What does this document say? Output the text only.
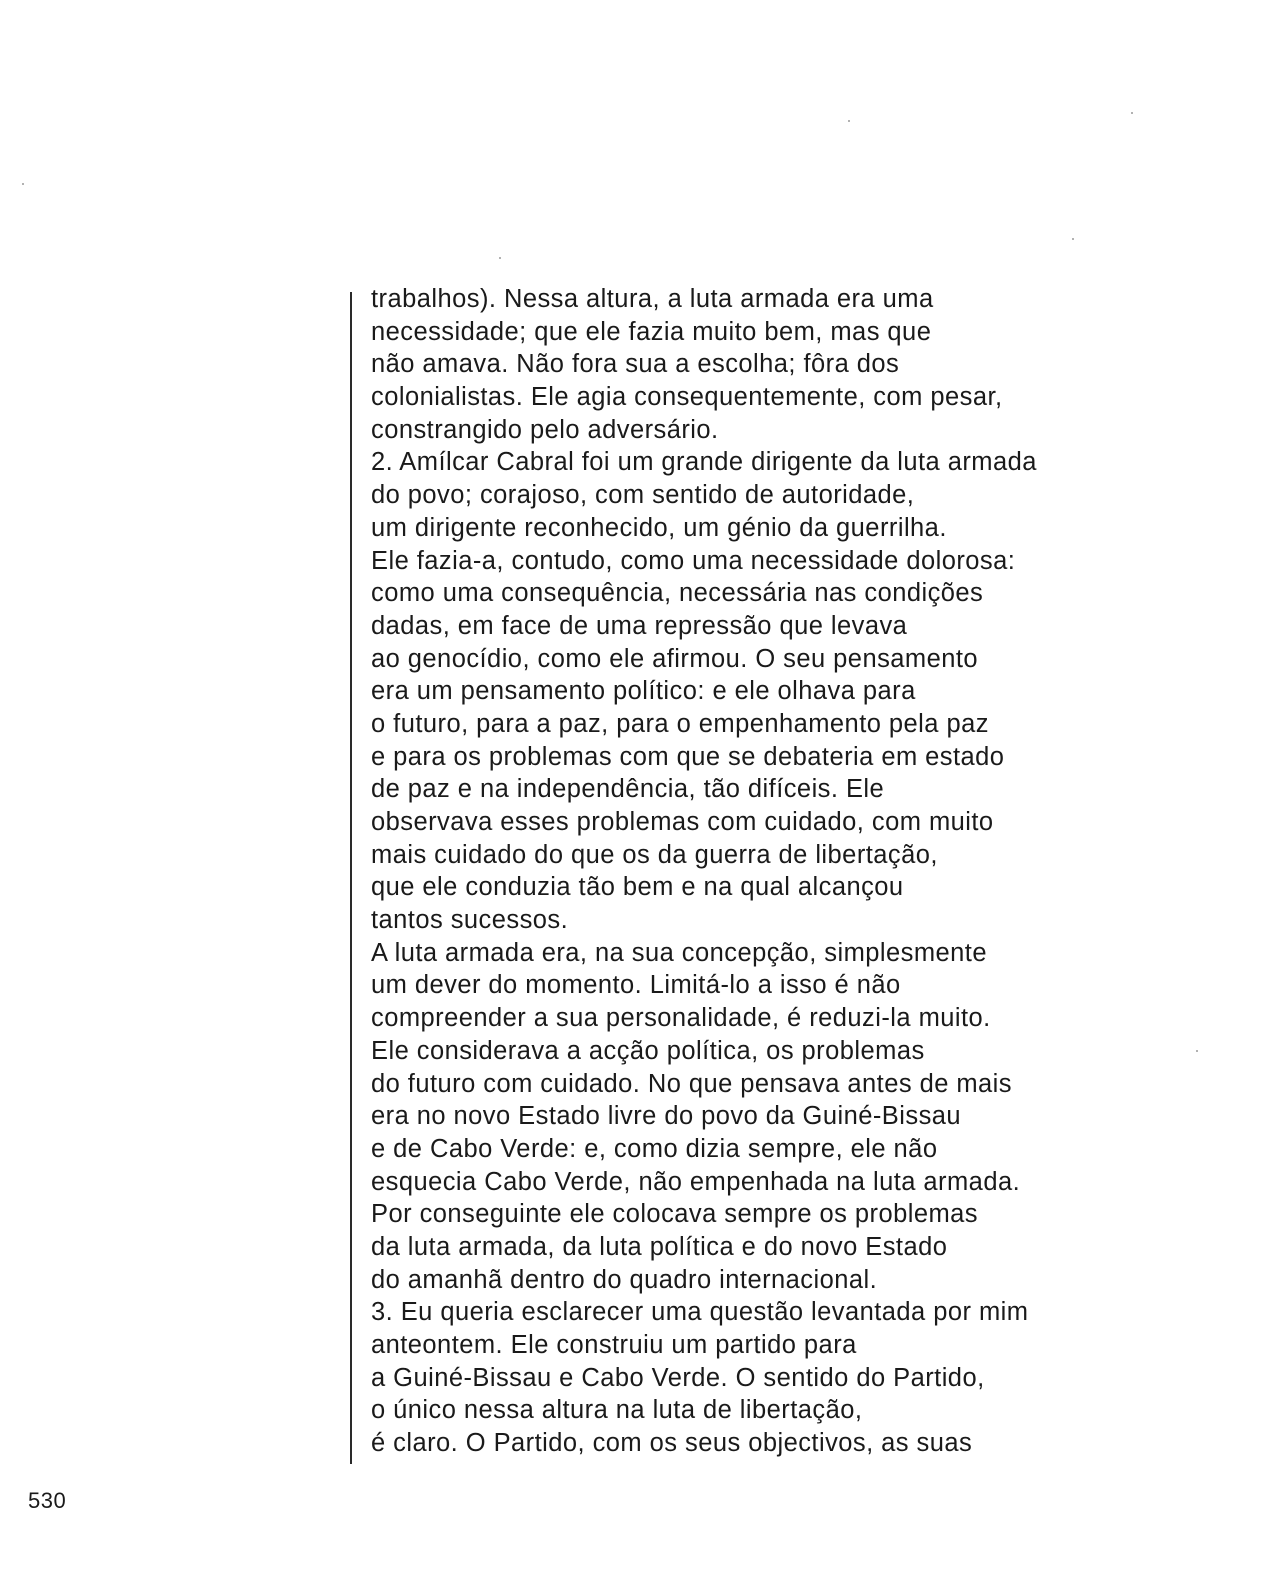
trabalhos). Nessa altura, a luta armada era uma
necessidade; que ele fazia muito bem, mas que
não amava. Não fora sua a escolha; fôra dos
colonialistas. Ele agia consequentemente, com pesar,
constrangido pelo adversário.
2. Amílcar Cabral foi um grande dirigente da luta armada
do povo; corajoso, com sentido de autoridade,
um dirigente reconhecido, um génio da guerrilha.
Ele fazia-a, contudo, como uma necessidade dolorosa:
como uma consequência, necessária nas condições
dadas, em face de uma repressão que levava
ao genocídio, como ele afirmou. O seu pensamento
era um pensamento político: e ele olhava para
o futuro, para a paz, para o empenhamento pela paz
e para os problemas com que se debateria em estado
de paz e na independência, tão difíceis. Ele
observava esses problemas com cuidado, com muito
mais cuidado do que os da guerra de libertação,
que ele conduzia tão bem e na qual alcançou
tantos sucessos.
A luta armada era, na sua concepção, simplesmente
um dever do momento. Limitá-lo a isso é não
compreender a sua personalidade, é reduzi-la muito.
Ele considerava a acção política, os problemas
do futuro com cuidado. No que pensava antes de mais
era no novo Estado livre do povo da Guiné-Bissau
e de Cabo Verde: e, como dizia sempre, ele não
esquecia Cabo Verde, não empenhada na luta armada.
Por conseguinte ele colocava sempre os problemas
da luta armada, da luta política e do novo Estado
do amanhã dentro do quadro internacional.
3. Eu queria esclarecer uma questão levantada por mim
anteontem. Ele construiu um partido para
a Guiné-Bissau e Cabo Verde. O sentido do Partido,
o único nessa altura na luta de libertação,
é claro. O Partido, com os seus objectivos, as suas
530
